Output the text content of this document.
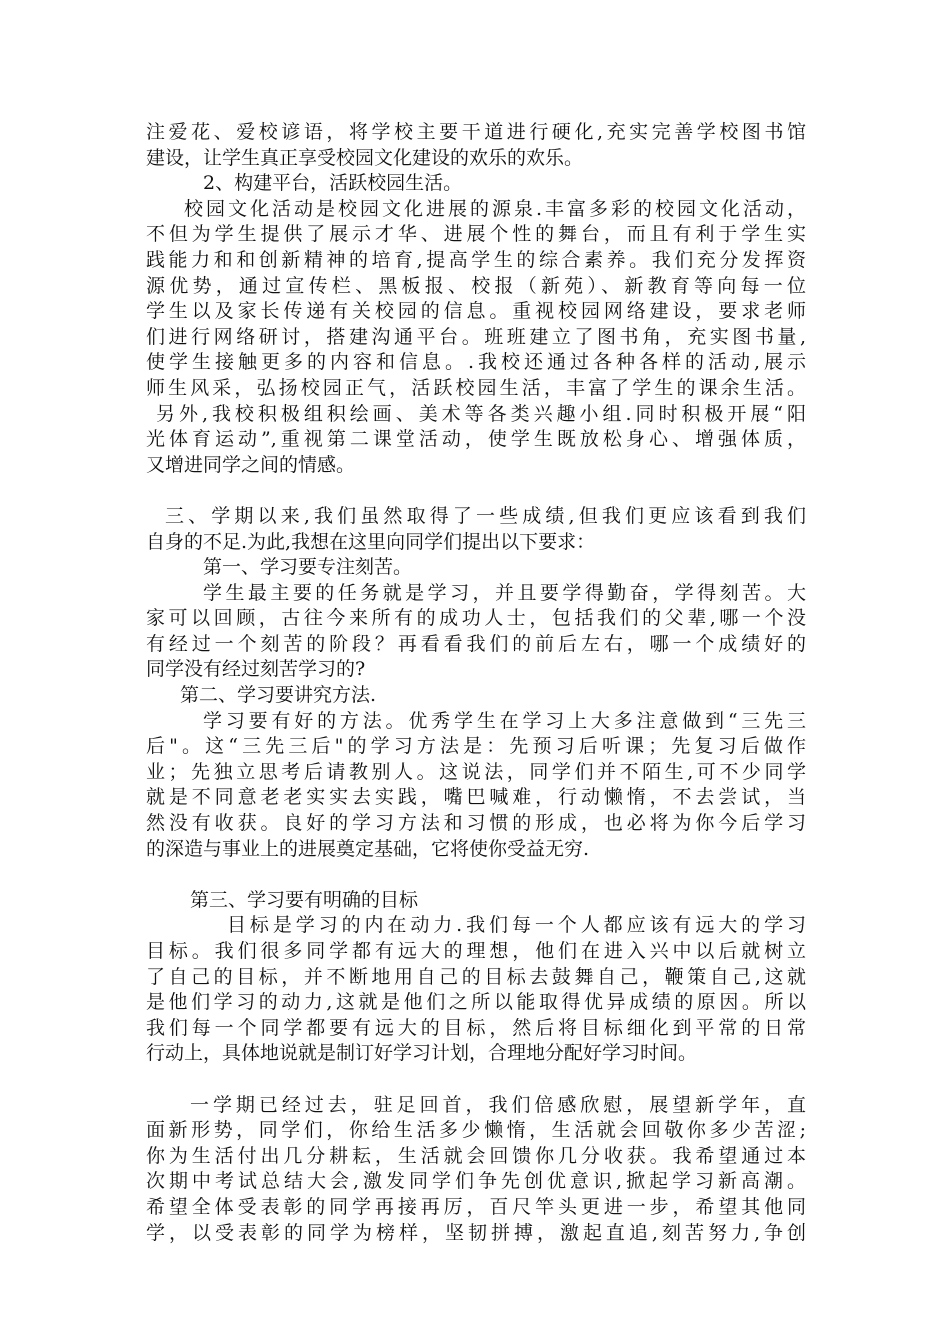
注爱花、爱校谚语，将学校主要干道进行硬化,充实完善学校图书馆
建设，让学生真正享受校园文化建设的欢乐的欢乐。
2、构建平台，活跃校园生活。
校园文化活动是校园文化进展的源泉.丰富多彩的校园文化活动，
不但为学生提供了展示才华、进展个性的舞台，而且有利于学生实
践能力和和创新精神的培育,提高学生的综合素养。我们充分发挥资
源优势，通过宣传栏、黑板报、校报（新苑）、新教育等向每一位
学生以及家长传递有关校园的信息。重视校园网络建设，要求老师
们进行网络研讨，搭建沟通平台。班班建立了图书角，充实图书量,
使学生接触更多的内容和信息。.我校还通过各种各样的活动,展示
师生风采，弘扬校园正气，活跃校园生活，丰富了学生的课余生活。
另外,我校积极组积绘画、美术等各类兴趣小组.同时积极开展“阳
光体育运动”,重视第二课堂活动，使学生既放松身心、增强体质，
又增进同学之间的情感。
三、学期以来,我们虽然取得了一些成绩,但我们更应该看到我们
自身的不足.为此,我想在这里向同学们提出以下要求：
第一、学习要专注刻苦。
学生最主要的任务就是学习，并且要学得勤奋，学得刻苦。大
家可以回顾，古往今来所有的成功人士，包括我们的父辈,哪一个没
有经过一个刻苦的阶段？再看看我们的前后左右，哪一个成绩好的
同学没有经过刻苦学习的?
第二、学习要讲究方法.
学习要有好的方法。优秀学生在学习上大多注意做到“三先三
后"。这“三先三后"的学习方法是：先预习后听课；先复习后做作
业；先独立思考后请教别人。这说法，同学们并不陌生,可不少同学
就是不同意老老实实去实践，嘴巴喊难，行动懒惰，不去尝试，当
然没有收获。良好的学习方法和习惯的形成，也必将为你今后学习
的深造与事业上的进展奠定基础，它将使你受益无穷.
第三、学习要有明确的目标
目标是学习的内在动力.我们每一个人都应该有远大的学习
目标。我们很多同学都有远大的理想，他们在进入兴中以后就树立
了自己的目标，并不断地用自己的目标去鼓舞自己，鞭策自己,这就
是他们学习的动力,这就是他们之所以能取得优异成绩的原因。所以
我们每一个同学都要有远大的目标，然后将目标细化到平常的日常
行动上，具体地说就是制订好学习计划，合理地分配好学习时间。
一学期已经过去，驻足回首，我们倍感欣慰，展望新学年，直
面新形势，同学们，你给生活多少懒惰，生活就会回敬你多少苦涩;
你为生活付出几分耕耘，生活就会回馈你几分收获。我希望通过本
次期中考试总结大会,激发同学们争先创优意识,掀起学习新高潮。
希望全体受表彰的同学再接再厉，百尺竿头更进一步，希望其他同
学，以受表彰的同学为榜样，坚韧拼搏，激起直追,刻苦努力,争创
